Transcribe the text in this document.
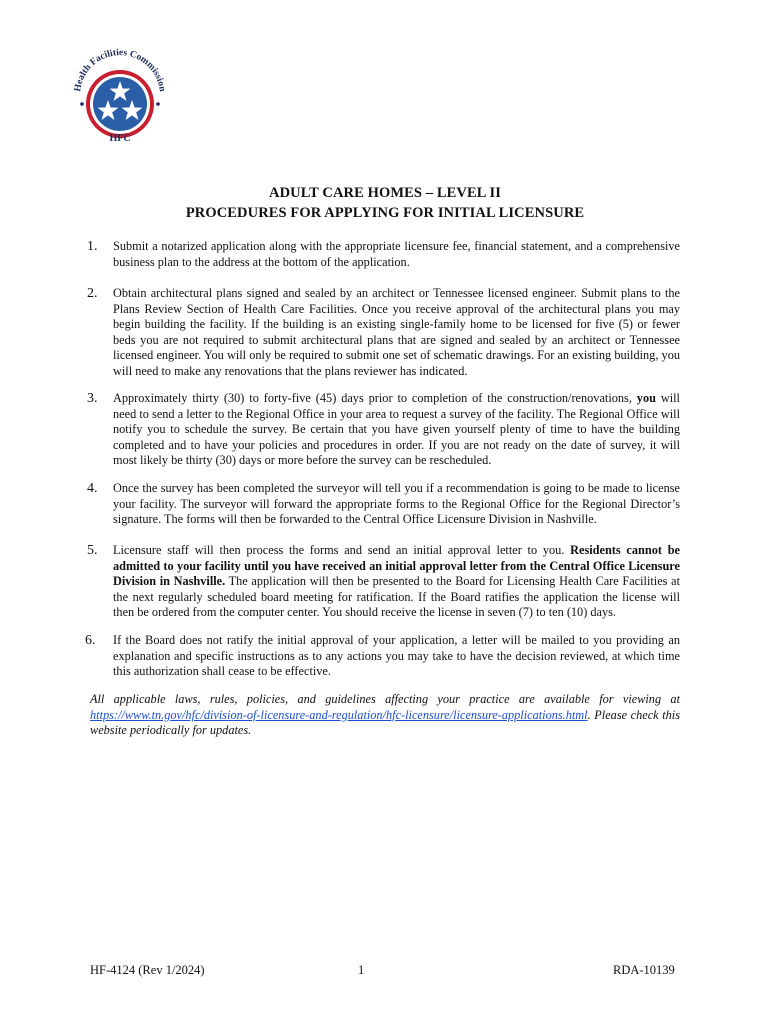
Health Facilities Commission
HFC
ADULT CARE HOMES – LEVEL II
PROCEDURES FOR APPLYING FOR INITIAL LICENSURE
1. Submit a notarized application along with the appropriate licensure fee, financial statement, and a comprehensive business plan to the address at the bottom of the application.
2. Obtain architectural plans signed and sealed by an architect or Tennessee licensed engineer. Submit plans to the Plans Review Section of Health Care Facilities. Once you receive approval of the architectural plans you may begin building the facility. If the building is an existing single-family home to be licensed for five (5) or fewer beds you are not required to submit architectural plans that are signed and sealed by an architect or Tennessee licensed engineer. You will only be required to submit one set of schematic drawings. For an existing building, you will need to make any renovations that the plans reviewer has indicated.
3. Approximately thirty (30) to forty-five (45) days prior to completion of the construction/renovations, you will need to send a letter to the Regional Office in your area to request a survey of the facility. The Regional Office will notify you to schedule the survey. Be certain that you have given yourself plenty of time to have the building completed and to have your policies and procedures in order. If you are not ready on the date of survey, it will most likely be thirty (30) days or more before the survey can be rescheduled.
4. Once the survey has been completed the surveyor will tell you if a recommendation is going to be made to license your facility. The surveyor will forward the appropriate forms to the Regional Office for the Regional Director’s signature. The forms will then be forwarded to the Central Office Licensure Division in Nashville.
5. Licensure staff will then process the forms and send an initial approval letter to you. Residents cannot be admitted to your facility until you have received an initial approval letter from the Central Office Licensure Division in Nashville. The application will then be presented to the Board for Licensing Health Care Facilities at the next regularly scheduled board meeting for ratification. If the Board ratifies the application the license will then be ordered from the computer center. You should receive the license in seven (7) to ten (10) days.
6. If the Board does not ratify the initial approval of your application, a letter will be mailed to you providing an explanation and specific instructions as to any actions you may take to have the decision reviewed, at which time this authorization shall cease to be effective.
All applicable laws, rules, policies, and guidelines affecting your practice are available for viewing at https://www.tn.gov/hfc/division-of-licensure-and-regulation/hfc-licensure/licensure-applications.html. Please check this website periodically for updates.
HF-4124 (Rev 1/2024)	1	RDA-10139
